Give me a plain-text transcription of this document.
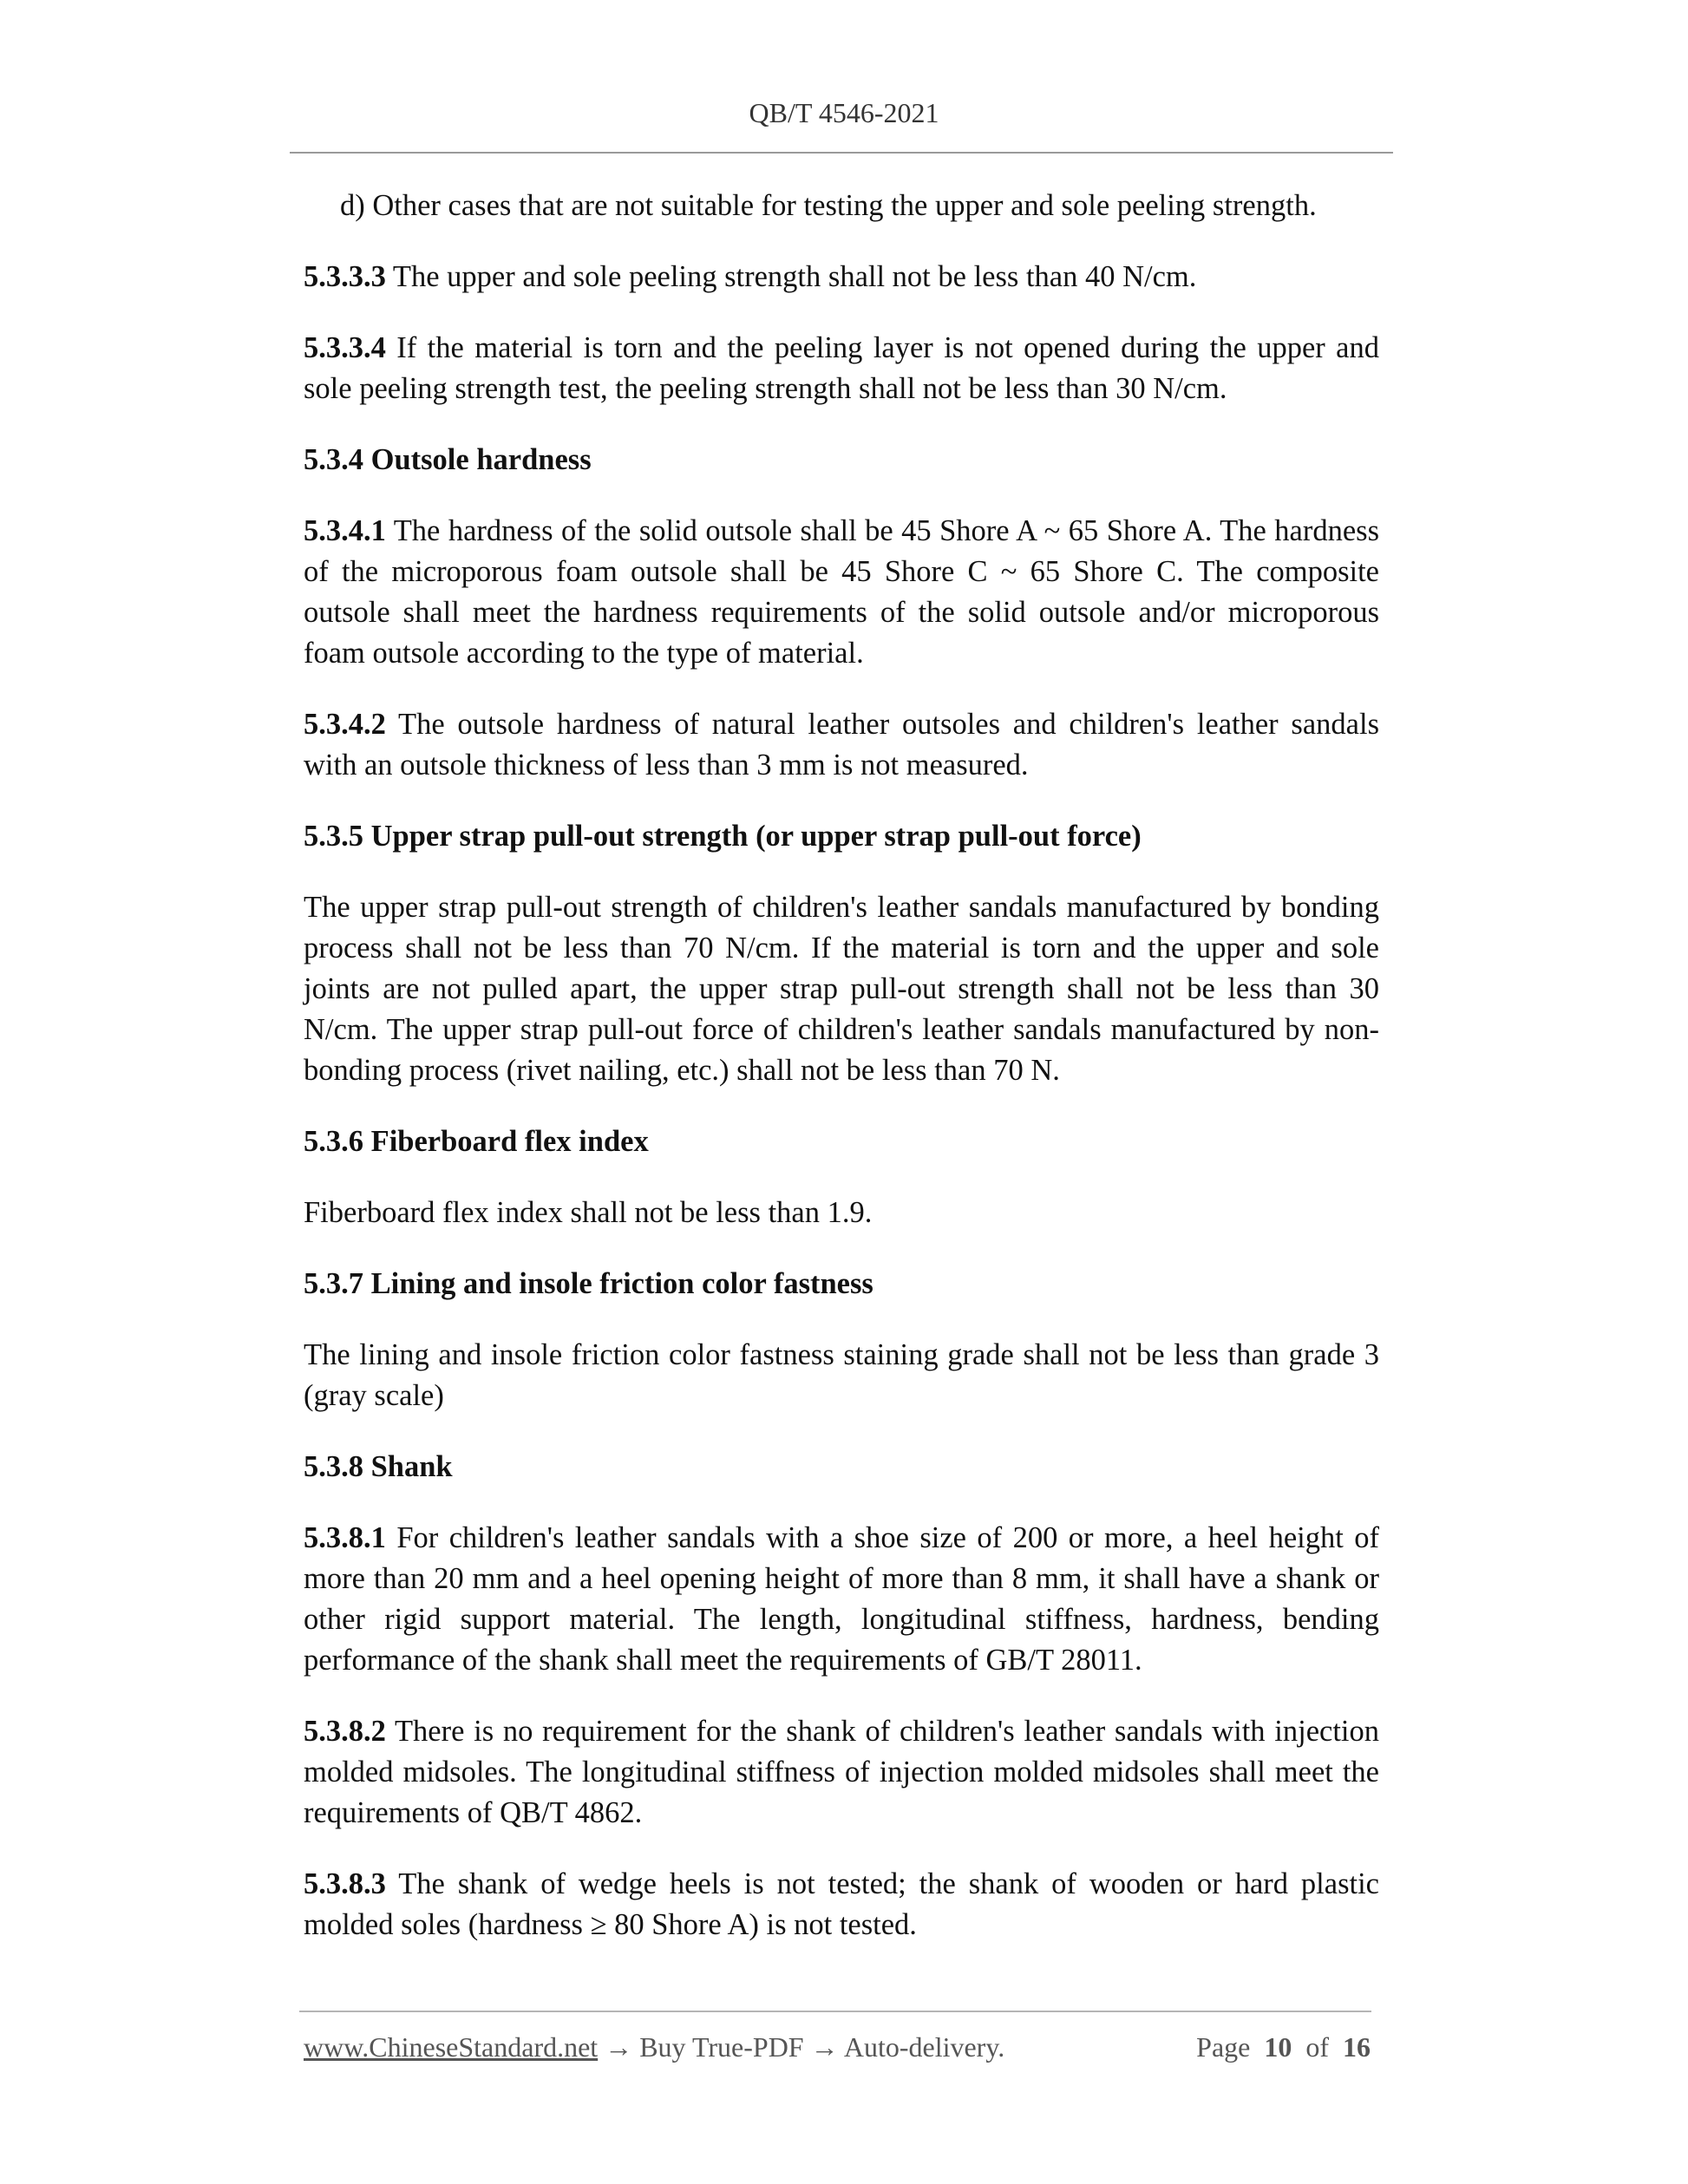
QB/T 4546-2021

d) Other cases that are not suitable for testing the upper and sole peeling strength.

5.3.3.3 The upper and sole peeling strength shall not be less than 40 N/cm.

5.3.3.4 If the material is torn and the peeling layer is not opened during the upper and sole peeling strength test, the peeling strength shall not be less than 30 N/cm.

5.3.4 Outsole hardness

5.3.4.1 The hardness of the solid outsole shall be 45 Shore A ~ 65 Shore A. The hardness of the microporous foam outsole shall be 45 Shore C ~ 65 Shore C. The composite outsole shall meet the hardness requirements of the solid outsole and/or microporous foam outsole according to the type of material.

5.3.4.2 The outsole hardness of natural leather outsoles and children's leather sandals with an outsole thickness of less than 3 mm is not measured.

5.3.5 Upper strap pull-out strength (or upper strap pull-out force)

The upper strap pull-out strength of children's leather sandals manufactured by bonding process shall not be less than 70 N/cm. If the material is torn and the upper and sole joints are not pulled apart, the upper strap pull-out strength shall not be less than 30 N/cm. The upper strap pull-out force of children's leather sandals manufactured by non-bonding process (rivet nailing, etc.) shall not be less than 70 N.

5.3.6 Fiberboard flex index

Fiberboard flex index shall not be less than 1.9.

5.3.7 Lining and insole friction color fastness

The lining and insole friction color fastness staining grade shall not be less than grade 3 (gray scale)

5.3.8 Shank

5.3.8.1 For children's leather sandals with a shoe size of 200 or more, a heel height of more than 20 mm and a heel opening height of more than 8 mm, it shall have a shank or other rigid support material. The length, longitudinal stiffness, hardness, bending performance of the shank shall meet the requirements of GB/T 28011.

5.3.8.2 There is no requirement for the shank of children's leather sandals with injection molded midsoles. The longitudinal stiffness of injection molded midsoles shall meet the requirements of QB/T 4862.

5.3.8.3 The shank of wedge heels is not tested; the shank of wooden or hard plastic molded soles (hardness ≥ 80 Shore A) is not tested.

www.ChineseStandard.net → Buy True-PDF → Auto-delivery.	Page 10 of 16
